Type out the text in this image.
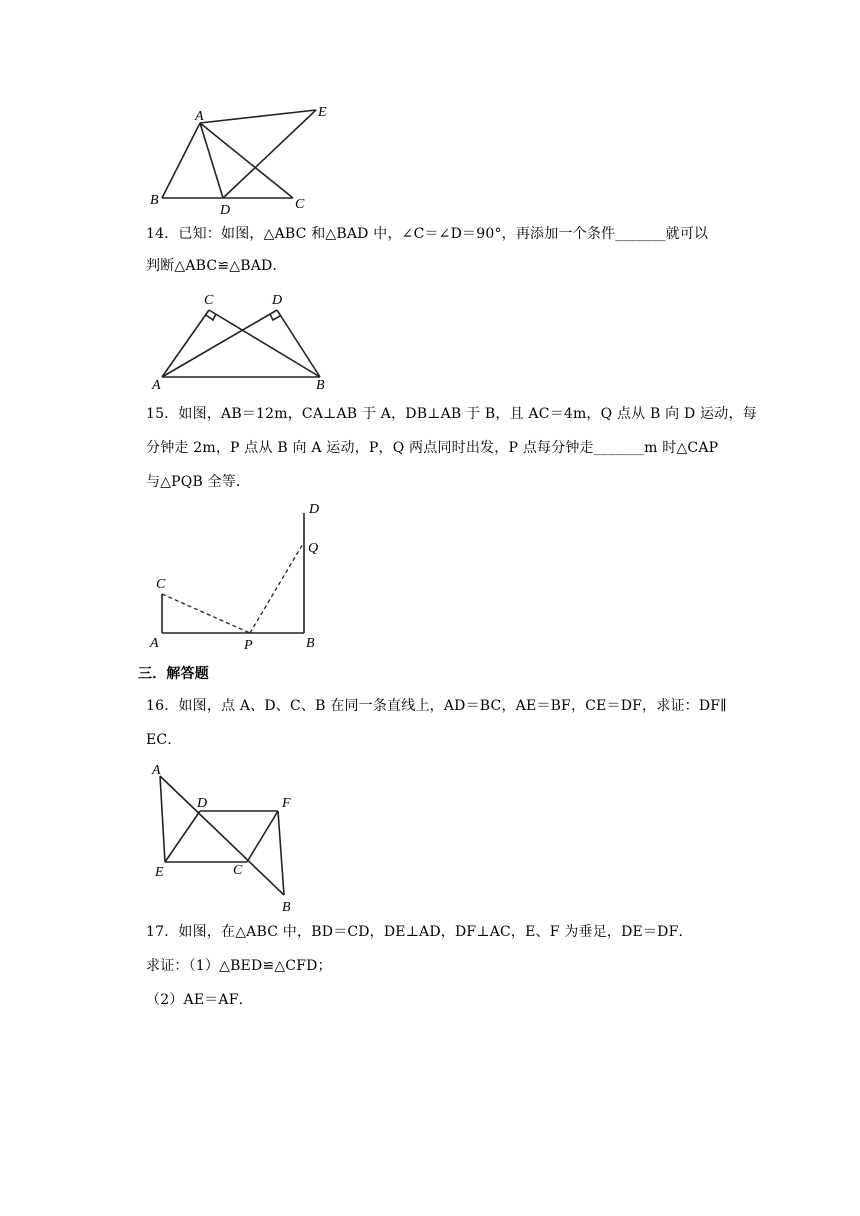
A
B	C
D
E
14．已知：如图，△ABC 和△BAD 中，∠C＝∠D＝90°，再添加一个条件_______就可以
判断△ABC≌△BAD．
C	D
A	B
15．如图，AB＝12m，CA⊥AB 于 A，DB⊥AB 于 B，且 AC＝4m，Q 点从 B 向 D 运动，每
分钟走 2m，P 点从 B 向 A 运动，P，Q 两点同时出发，P 点每分钟走_______m 时△CAP
与△PQB 全等．
D
Q
C
A	P	B
三．解答题
16．如图，点 A、D、C、B 在同一条直线上，AD＝BC，AE＝BF，CE＝DF，求证：DF∥
EC．
A
D	F
E	C
B
17．如图，在△ABC 中，BD＝CD，DE⊥AD，DF⊥AC，E、F 为垂足，DE＝DF．
求证：（1）△BED≌△CFD；
（2）AE＝AF．
